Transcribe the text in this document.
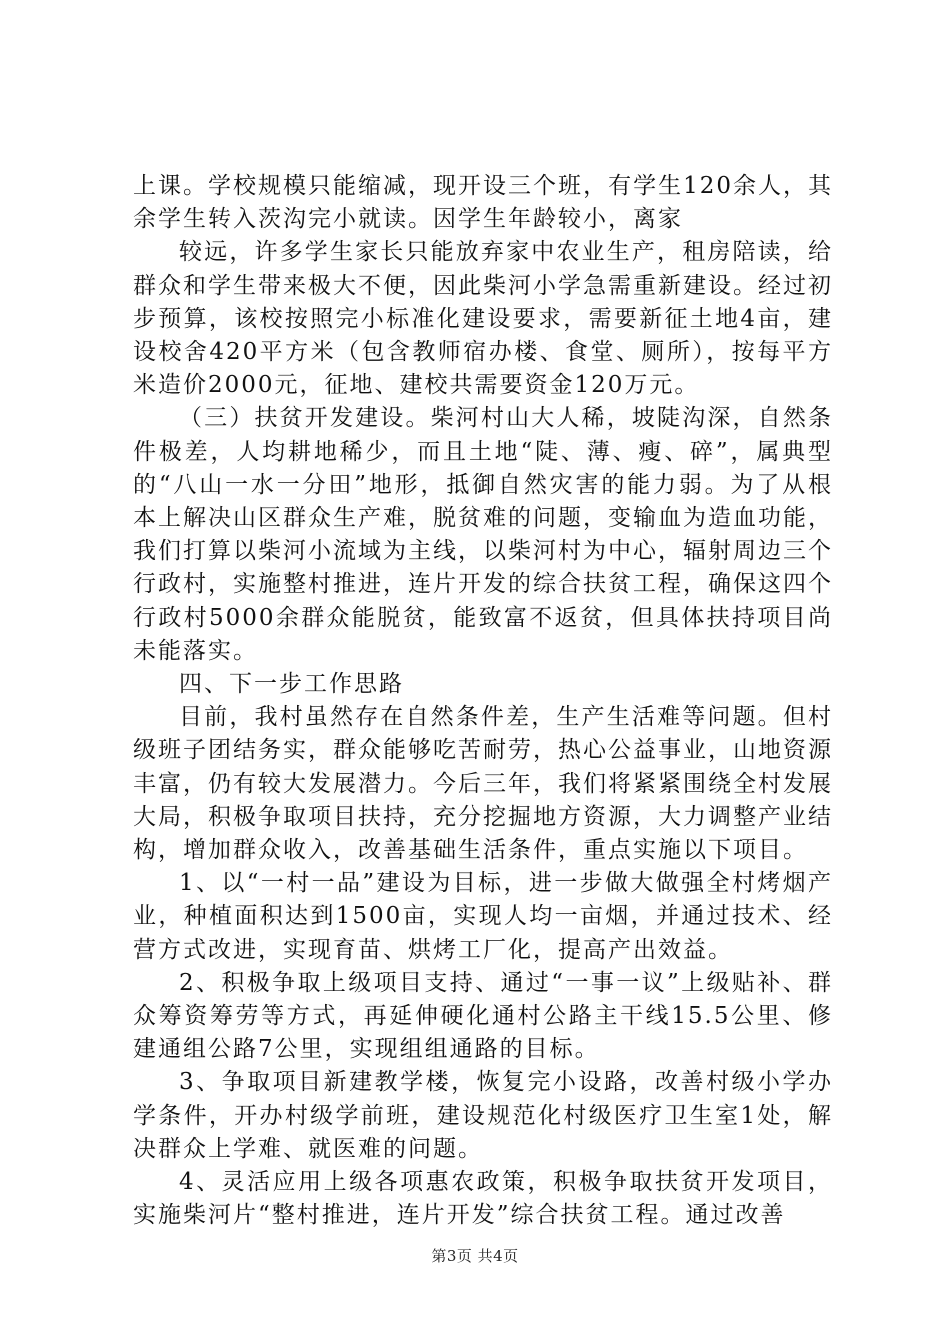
上课。学校规模只能缩减，现开设三个班，有学生120余人，其余学生转入茨沟完小就读。因学生年龄较小，离家

较远，许多学生家长只能放弃家中农业生产，租房陪读，给群众和学生带来极大不便，因此柴河小学急需重新建设。经过初步预算，该校按照完小标准化建设要求，需要新征土地4亩，建设校舍420平方米（包含教师宿办楼、食堂、厕所），按每平方米造价2000元，征地、建校共需要资金120万元。

（三）扶贫开发建设。柴河村山大人稀，坡陡沟深，自然条件极差，人均耕地稀少，而且土地“陡、薄、瘦、碎”，属典型的“八山一水一分田”地形，抵御自然灾害的能力弱。为了从根本上解决山区群众生产难，脱贫难的问题，变输血为造血功能，我们打算以柴河小流域为主线，以柴河村为中心，辐射周边三个行政村，实施整村推进，连片开发的综合扶贫工程，确保这四个行政村5000余群众能脱贫，能致富不返贫，但具体扶持项目尚未能落实。

四、下一步工作思路

目前，我村虽然存在自然条件差，生产生活难等问题。但村级班子团结务实，群众能够吃苦耐劳，热心公益事业，山地资源丰富，仍有较大发展潜力。今后三年，我们将紧紧围绕全村发展大局，积极争取项目扶持，充分挖掘地方资源，大力调整产业结构，增加群众收入，改善基础生活条件，重点实施以下项目。

1、以“一村一品”建设为目标，进一步做大做强全村烤烟产业，种植面积达到1500亩，实现人均一亩烟，并通过技术、经营方式改进，实现育苗、烘烤工厂化，提高产出效益。

2、积极争取上级项目支持、通过“一事一议”上级贴补、群众筹资筹劳等方式，再延伸硬化通村公路主干线15.5公里、修建通组公路7公里，实现组组通路的目标。

3、争取项目新建教学楼，恢复完小设路，改善村级小学办学条件，开办村级学前班，建设规范化村级医疗卫生室1处，解决群众上学难、就医难的问题。

4、灵活应用上级各项惠农政策，积极争取扶贫开发项目，实施柴河片“整村推进，连片开发”综合扶贫工程。通过改善

第3页 共4页
